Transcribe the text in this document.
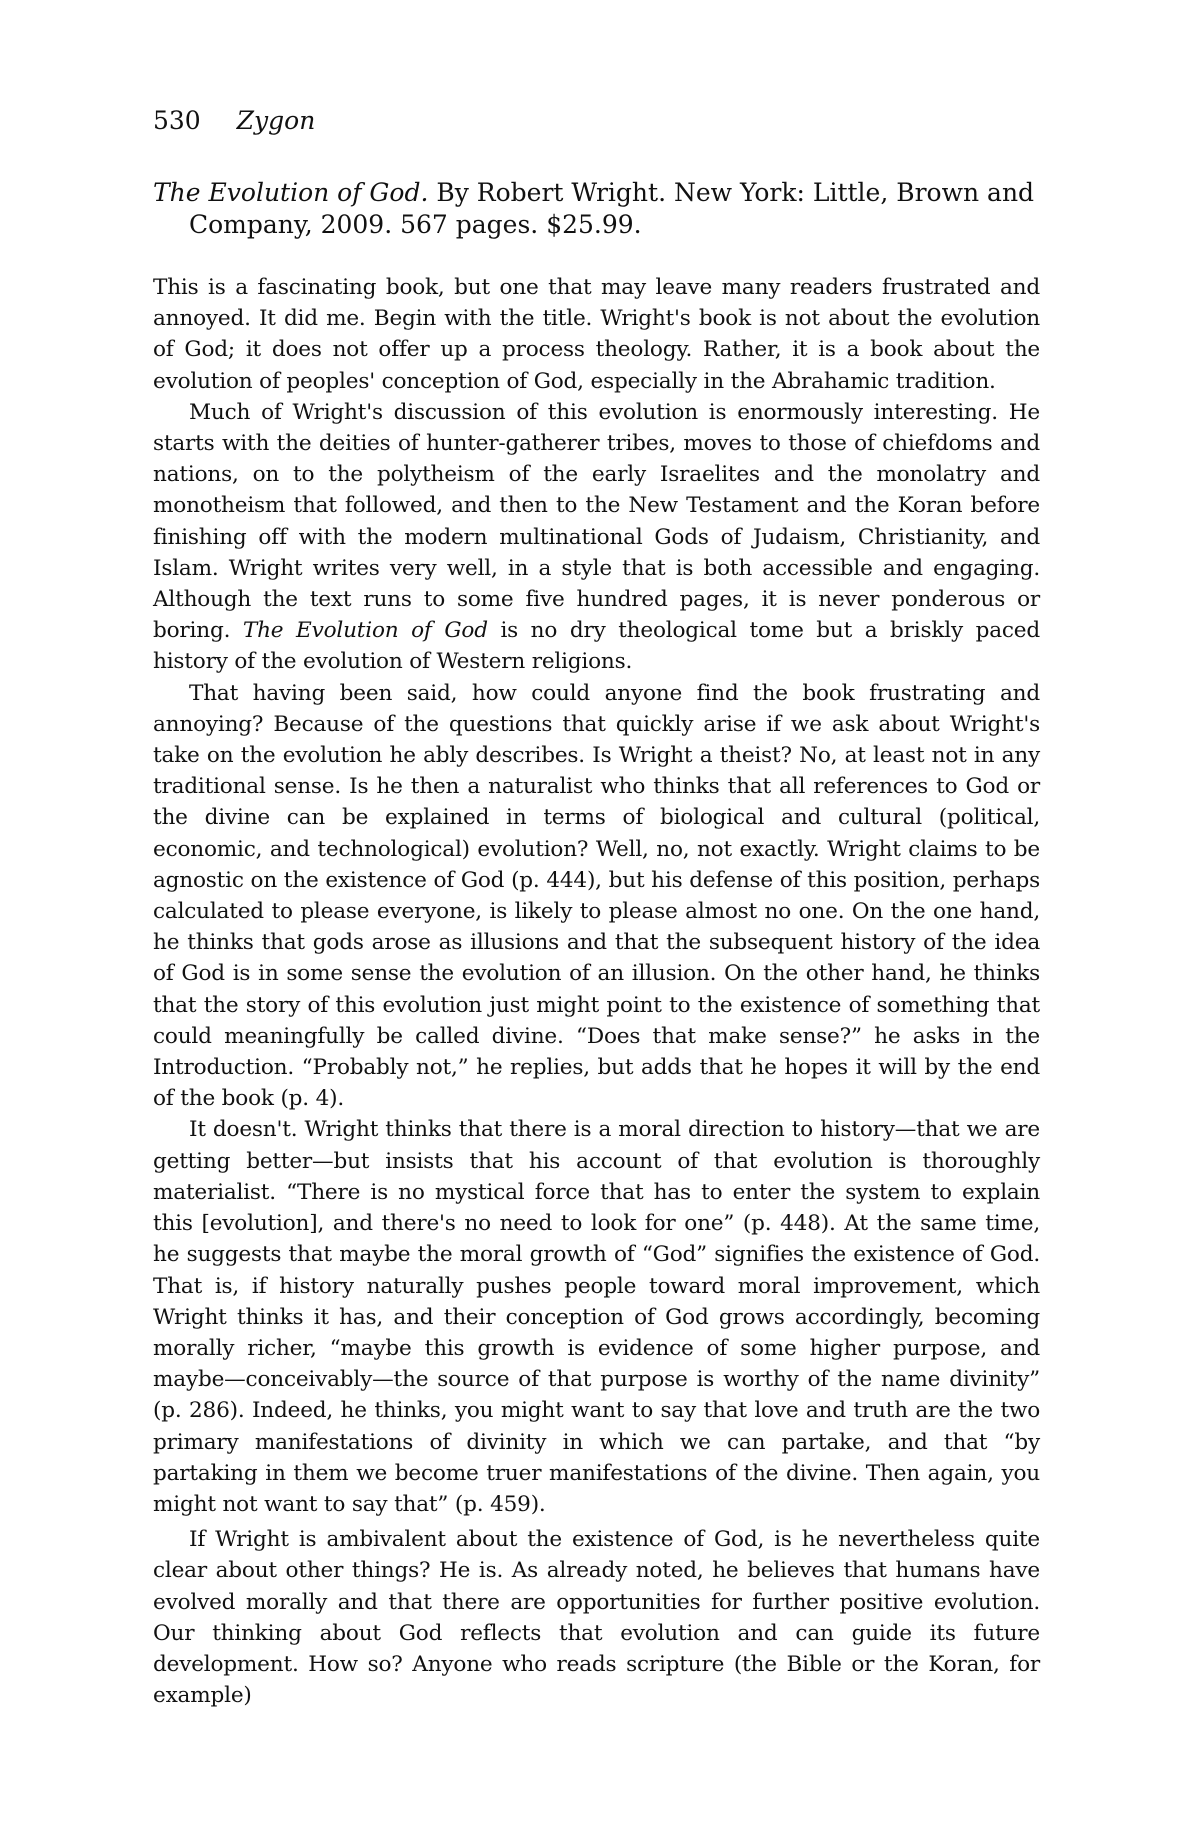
530 Zygon
The Evolution of God. By Robert Wright. New York: Little, Brown and Company, 2009. 567 pages. $25.99.

This is a fascinating book, but one that may leave many readers frustrated and annoyed. It did me. Begin with the title. Wright's book is not about the evolution of God; it does not offer up a process theology. Rather, it is a book about the evolution of peoples' conception of God, especially in the Abrahamic tradition.

Much of Wright's discussion of this evolution is enormously interesting. He starts with the deities of hunter-gatherer tribes, moves to those of chiefdoms and nations, on to the polytheism of the early Israelites and the monolatry and monotheism that followed, and then to the New Testament and the Koran before finishing off with the modern multinational Gods of Judaism, Christianity, and Islam. Wright writes very well, in a style that is both accessible and engaging. Although the text runs to some five hundred pages, it is never ponderous or boring. The Evolution of God is no dry theological tome but a briskly paced history of the evolution of Western religions.

That having been said, how could anyone find the book frustrating and annoying? Because of the questions that quickly arise if we ask about Wright's take on the evolution he ably describes. Is Wright a theist? No, at least not in any traditional sense. Is he then a naturalist who thinks that all references to God or the divine can be explained in terms of biological and cultural (political, economic, and technological) evolution? Well, no, not exactly. Wright claims to be agnostic on the existence of God (p. 444), but his defense of this position, perhaps calculated to please everyone, is likely to please almost no one. On the one hand, he thinks that gods arose as illusions and that the subsequent history of the idea of God is in some sense the evolution of an illusion. On the other hand, he thinks that the story of this evolution just might point to the existence of something that could meaningfully be called divine. “Does that make sense?” he asks in the Introduction. “Probably not,” he replies, but adds that he hopes it will by the end of the book (p. 4).

It doesn't. Wright thinks that there is a moral direction to history—that we are getting better—but insists that his account of that evolution is thoroughly materialist. “There is no mystical force that has to enter the system to explain this [evolution], and there's no need to look for one” (p. 448). At the same time, he suggests that maybe the moral growth of “God” signifies the existence of God. That is, if history naturally pushes people toward moral improvement, which Wright thinks it has, and their conception of God grows accordingly, becoming morally richer, “maybe this growth is evidence of some higher purpose, and maybe—conceivably—the source of that purpose is worthy of the name divinity” (p. 286). Indeed, he thinks, you might want to say that love and truth are the two primary manifestations of divinity in which we can partake, and that “by partaking in them we become truer manifestations of the divine. Then again, you might not want to say that” (p. 459).

If Wright is ambivalent about the existence of God, is he nevertheless quite clear about other things? He is. As already noted, he believes that humans have evolved morally and that there are opportunities for further positive evolution. Our thinking about God reflects that evolution and can guide its future development. How so? Anyone who reads scripture (the Bible or the Koran, for example)
